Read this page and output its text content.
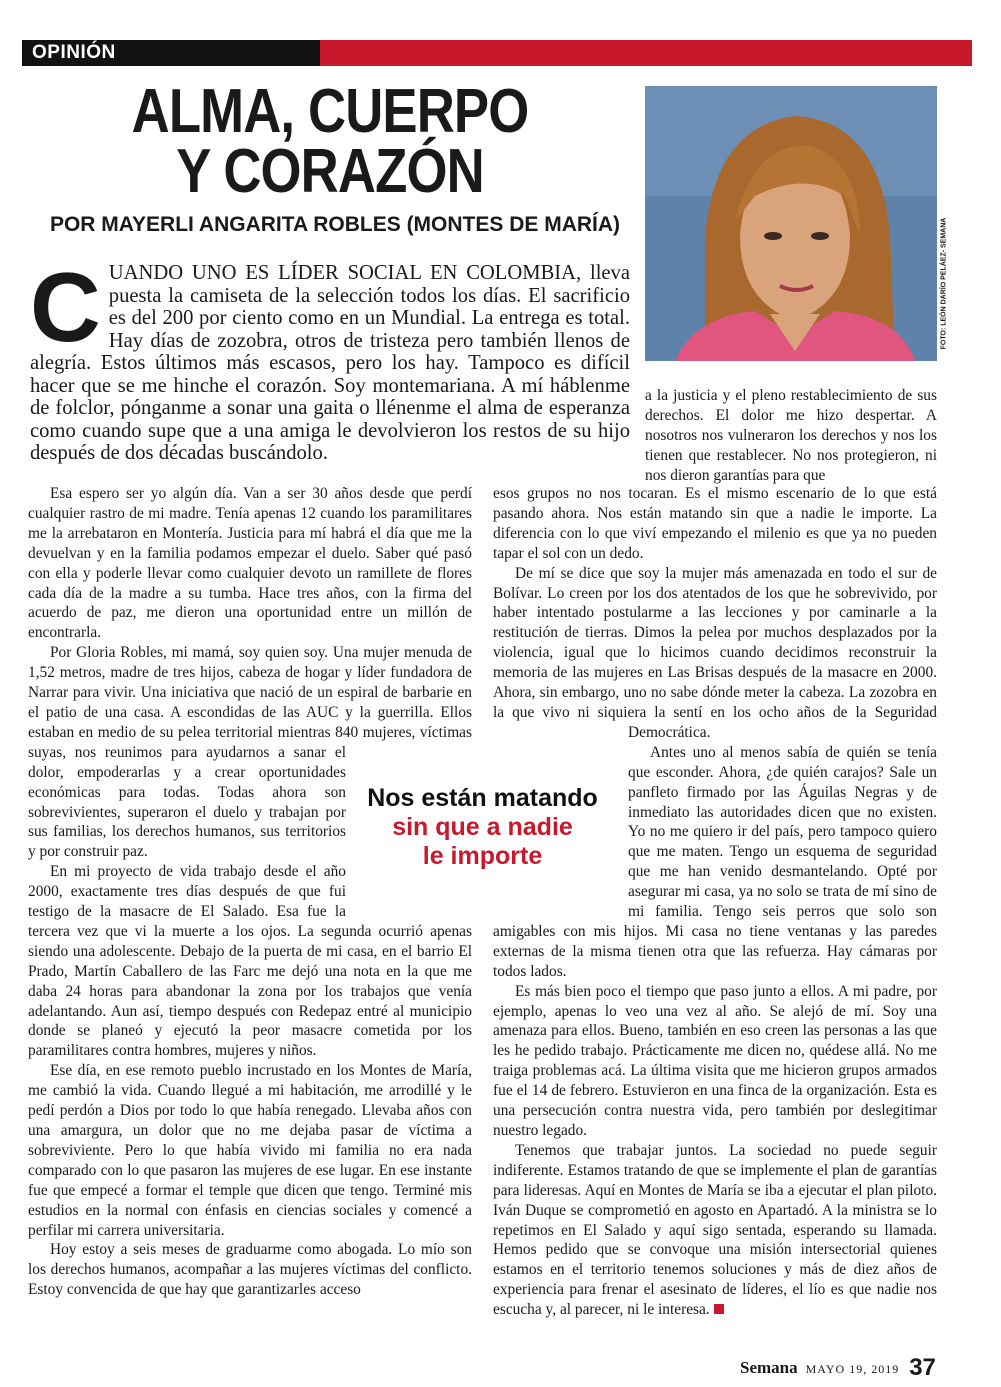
OPINIÓN
ALMA, CUERPO
Y CORAZÓN
POR MAYERLI ANGARITA ROBLES (MONTES DE MARÍA)	FOTO: LEÓN DARÍO PELÁEZ- SEMANA
C UANDO UNO ES LÍDER SOCIAL EN COLOMBIA, lleva puesta la camiseta de la selección todos los días. El sacrificio es del 200 por ciento como en un Mundial. La entrega es total. Hay días de zozobra, otros de tristeza pero también llenos de alegría. Estos últimos más escasos, pero los hay. Tampoco es difícil hacer que se me hinche el corazón. Soy montemariana. A mí háblenme de folclor, pónganme a sonar una gaita o llénenme el alma de esperanza como cuando supe que a una amiga le devolvieron los restos de su hijo después de dos décadas buscándolo.

a la justicia y el pleno restablecimiento de sus derechos. El dolor me hizo despertar. A nosotros nos vulneraron los derechos y nos los tienen que restablecer. No nos protegieron, ni nos dieron garantías para que

Esa espero ser yo algún día. Van a ser 30 años desde que perdí cualquier rastro de mi madre. Tenía apenas 12 cuando los paramilitares me la arrebataron en Montería. Justicia para mí habrá el día que me la devuelvan y en la familia podamos empezar el duelo. Saber qué pasó con ella y poderle llevar como cualquier devoto un ramillete de flores cada día de la madre a su tumba. Hace tres años, con la firma del acuerdo de paz, me dieron una oportunidad entre un millón de encontrarla.

Por Gloria Robles, mi mamá, soy quien soy. Una mujer menuda de 1,52 metros, madre de tres hijos, cabeza de hogar y líder fundadora de Narrar para vivir. Una iniciativa que nació de un espiral de barbarie en el patio de una casa. A escondidas de las AUC y la guerrilla. Ellos estaban en medio de su pelea territorial mientras 840 mujeres, víctimas suyas, nos reunimos para ayudarnos a sanar el dolor, empoderarlas y a crear oportunidades económicas para todas. Todas ahora son sobrevivientes, superaron el duelo y trabajan por sus familias, los derechos humanos, sus territorios y por construir paz.

En mi proyecto de vida trabajo desde el año 2000, exactamente tres días después de que fui testigo de la masacre de El Salado. Esa fue la tercera vez que vi la muerte a los ojos. La segunda ocurrió apenas siendo una adolescente. Debajo de la puerta de mi casa, en el barrio El Prado, Martín Caballero de las Farc me dejó una nota en la que me daba 24 horas para abandonar la zona por los trabajos que venía adelantando. Aun así, tiempo después con Redepaz entré al municipio donde se planeó y ejecutó la peor masacre cometida por los paramilitares contra hombres, mujeres y niños.

Ese día, en ese remoto pueblo incrustado en los Montes de María, me cambió la vida. Cuando llegué a mi habitación, me arrodillé y le pedí perdón a Dios por todo lo que había renegado. Llevaba años con una amargura, un dolor que no me dejaba pasar de víctima a sobreviviente. Pero lo que había vivido mi familia no era nada comparado con lo que pasaron las mujeres de ese lugar. En ese instante fue que empecé a formar el temple que dicen que tengo. Terminé mis estudios en la normal con énfasis en ciencias sociales y comencé a perfilar mi carrera universitaria.

Hoy estoy a seis meses de graduarme como abogada. Lo mío son los derechos humanos, acompañar a las mujeres víctimas del conflicto. Estoy convencida de que hay que garantizarles acceso

Nos están matando
sin que a nadie
le importe

esos grupos no nos tocaran. Es el mismo escenario de lo que está pasando ahora. Nos están matando sin que a nadie le importe. La diferencia con lo que viví empezando el milenio es que ya no pueden tapar el sol con un dedo.

De mí se dice que soy la mujer más amenazada en todo el sur de Bolívar. Lo creen por los dos atentados de los que he sobrevivido, por haber intentado postularme a las lecciones y por caminarle a la restitución de tierras. Dimos la pelea por muchos desplazados por la violencia, igual que lo hicimos cuando decidimos reconstruir la memoria de las mujeres en Las Brisas después de la masacre en 2000. Ahora, sin embargo, uno no sabe dónde meter la cabeza. La zozobra en la que vivo ni siquiera la sentí en los ocho años de la Seguridad Democrática.

Antes uno al menos sabía de quién se tenía que esconder. Ahora, ¿de quién carajos? Sale un panfleto firmado por las Águilas Negras y de inmediato las autoridades dicen que no existen. Yo no me quiero ir del país, pero tampoco quiero que me maten. Tengo un esquema de seguridad que me han venido desmantelando. Opté por asegurar mi casa, ya no solo se trata de mí sino de mi familia. Tengo seis perros que solo son amigables con mis hijos. Mi casa no tiene ventanas y las paredes externas de la misma tienen otra que las refuerza. Hay cámaras por todos lados.

Es más bien poco el tiempo que paso junto a ellos. A mi padre, por ejemplo, apenas lo veo una vez al año. Se alejó de mí. Soy una amenaza para ellos. Bueno, también en eso creen las personas a las que les he pedido trabajo. Prácticamente me dicen no, quédese allá. No me traiga problemas acá. La última visita que me hicieron grupos armados fue el 14 de febrero. Estuvieron en una finca de la organización. Esta es una persecución contra nuestra vida, pero también por deslegitimar nuestro legado.

Tenemos que trabajar juntos. La sociedad no puede seguir indiferente. Estamos tratando de que se implemente el plan de garantías para lideresas. Aquí en Montes de María se iba a ejecutar el plan piloto. Iván Duque se comprometió en agosto en Apartadó. A la ministra se lo repetimos en El Salado y aquí sigo sentada, esperando su llamada. Hemos pedido que se convoque una misión intersectorial quienes estamos en el territorio tenemos soluciones y más de diez años de experiencia para frenar el asesinato de líderes, el lío es que nadie nos escucha y, al parecer, ni le interesa.

Semana MAYO 19, 2019 37
